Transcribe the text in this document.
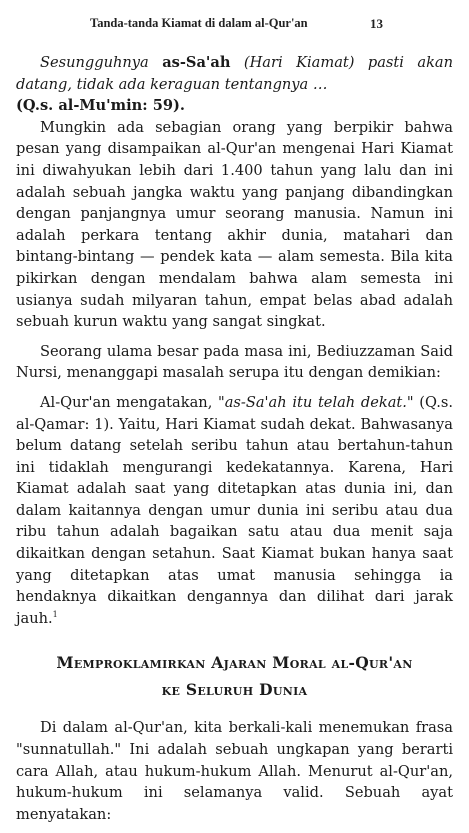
Tanda-tanda Kiamat di dalam al-Qur'an	13

Sesungguhnya as-Sa'ah (Hari Kiamat) pasti akan datang, tidak ada keraguan tentangnya …
(Q.s. al-Mu'min: 59).

Mungkin ada sebagian orang yang berpikir bahwa pesan yang disampaikan al-Qur'an mengenai Hari Kiamat ini diwahyukan lebih dari 1.400 tahun yang lalu dan ini adalah sebuah jangka waktu yang panjang dibandingkan dengan panjangnya umur seorang manusia. Namun ini adalah perkara tentang akhir dunia, matahari dan bintang-bintang — pendek kata — alam semesta. Bila kita pikirkan dengan mendalam bahwa alam semesta ini usianya sudah milyaran tahun, empat belas abad adalah sebuah kurun waktu yang sangat singkat.

Seorang ulama besar pada masa ini, Bediuzzaman Said Nursi, menanggapi masalah serupa itu dengan demikian:

Al-Qur'an mengatakan, "as-Sa'ah itu telah dekat." (Q.s. al-Qamar: 1). Yaitu, Hari Kiamat sudah dekat. Bahwasanya belum datang setelah seribu tahun atau bertahun-tahun ini tidaklah mengurangi kedekatannya. Karena, Hari Kiamat adalah saat yang ditetapkan atas dunia ini, dan dalam kaitannya dengan umur dunia ini seribu atau dua ribu tahun adalah bagaikan satu atau dua menit saja dikaitkan dengan setahun. Saat Kiamat bukan hanya saat yang ditetapkan atas umat manusia sehingga ia hendaknya dikaitkan dengannya dan dilihat dari jarak jauh.$^1$

Memproklamirkan Ajaran Moral al-Qur'an
ke Seluruh Dunia

Di dalam al-Qur'an, kita berkali-kali menemukan frasa "sunnatullah." Ini adalah sebuah ungkapan yang berarti cara Allah, atau hukum-hukum Allah. Menurut al-Qur'an, hukum-hukum ini selamanya valid. Sebuah ayat menyatakan:
